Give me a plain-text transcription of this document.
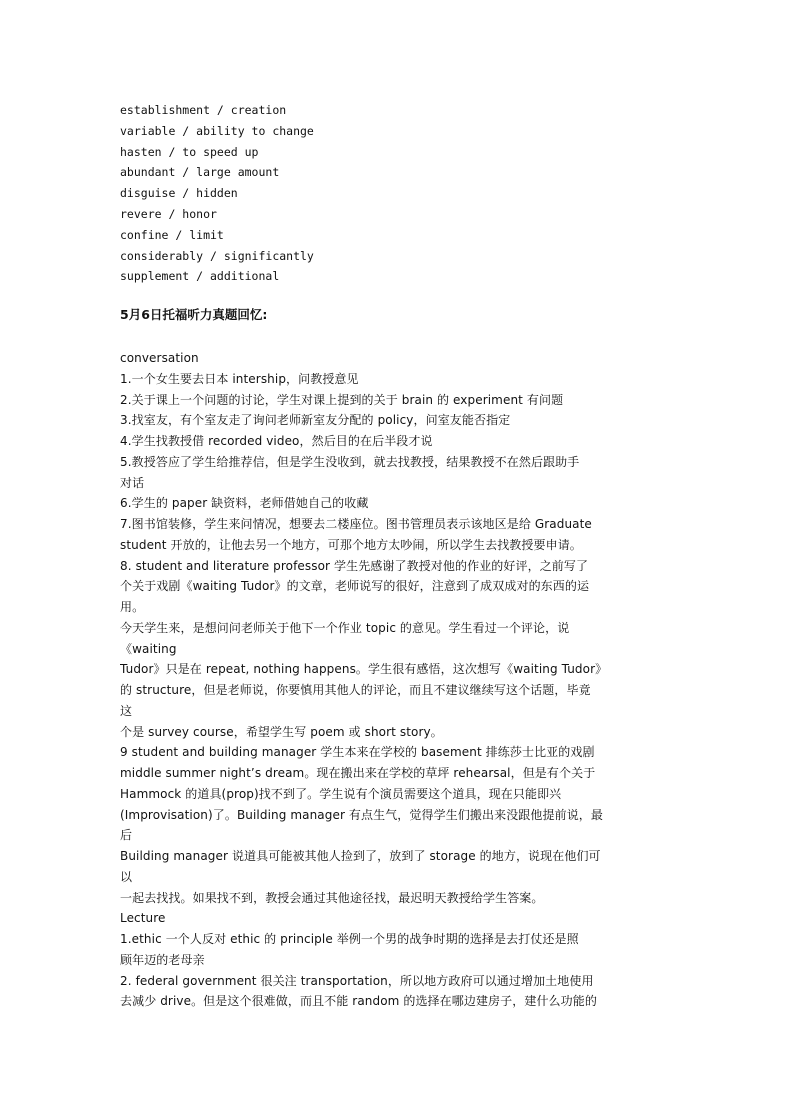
establishment / creation
variable / ability to change
hasten / to speed up
abundant / large amount
disguise / hidden
revere / honor
confine / limit
considerably / significantly
supplement / additional
5月6日托福听力真题回忆:
conversation
1.一个女生要去日本 intership，问教授意见
2.关于课上一个问题的讨论，学生对课上提到的关于 brain 的 experiment 有问题
3.找室友，有个室友走了询问老师新室友分配的 policy，问室友能否指定
4.学生找教授借 recorded video，然后目的在后半段才说
5.教授答应了学生给推荐信，但是学生没收到，就去找教授，结果教授不在然后跟助手
对话
6.学生的 paper 缺资料，老师借她自己的收藏
7.图书馆装修，学生来问情况，想要去二楼座位。图书管理员表示该地区是给 Graduate
student 开放的，让他去另一个地方，可那个地方太吵闹，所以学生去找教授要申请。
8. student and literature professor 学生先感谢了教授对他的作业的好评，之前写了
个关于戏剧《waiting Tudor》的文章，老师说写的很好，注意到了成双成对的东西的运
用。
今天学生来，是想问问老师关于他下一个作业 topic 的意见。学生看过一个评论，说
《waiting
Tudor》只是在 repeat, nothing happens。学生很有感悟，这次想写《waiting Tudor》
的 structure，但是老师说，你要慎用其他人的评论，而且不建议继续写这个话题，毕竟
这
个是 survey course，希望学生写 poem 或 short story。
9 student and building manager 学生本来在学校的 basement 排练莎士比亚的戏剧
middle summer night’s dream。现在搬出来在学校的草坪 rehearsal，但是有个关于
Hammock 的道具(prop)找不到了。学生说有个演员需要这个道具，现在只能即兴
(Improvisation)了。Building manager 有点生气，觉得学生们搬出来没跟他提前说，最
后
Building manager 说道具可能被其他人捡到了，放到了 storage 的地方，说现在他们可
以
一起去找找。如果找不到，教授会通过其他途径找，最迟明天教授给学生答案。
Lecture
1.ethic 一个人反对 ethic 的 principle 举例一个男的战争时期的选择是去打仗还是照
顾年迈的老母亲
2. federal government 很关注 transportation，所以地方政府可以通过增加土地使用
去减少 drive。但是这个很难做，而且不能 random 的选择在哪边建房子，建什么功能的
